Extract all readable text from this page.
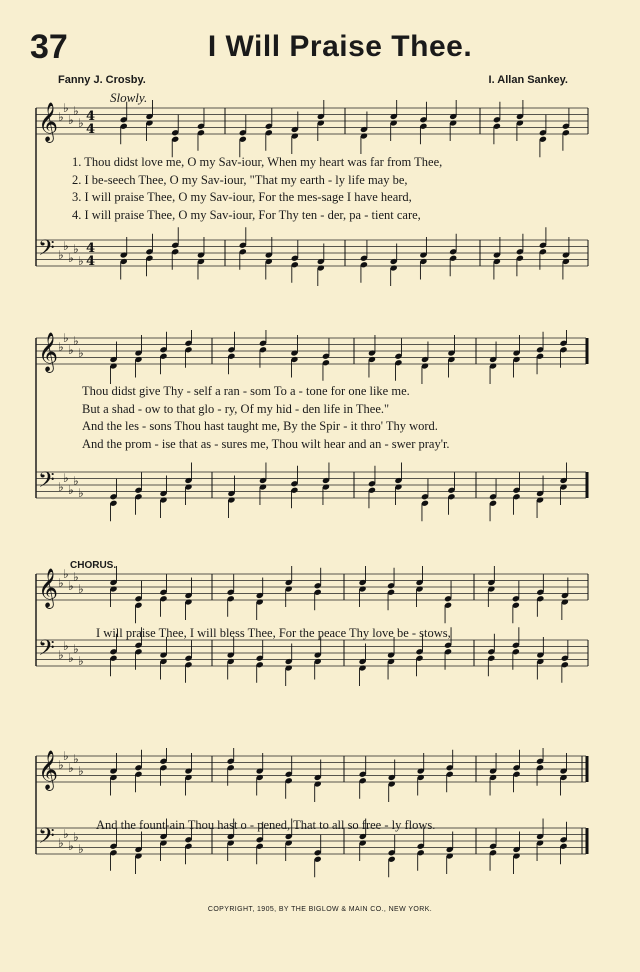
37	I Will Praise Thee.
Fanny J. Crosby.	I. Allan Sankey.
Slowly.
CHORUS.
𝄞 ♭
♭
♭
♭
♭ 4
4
𝄢 ♭
♭
♭
♭
♭
4
4
1. Thou didst love me, O my Sav-iour, When my heart was far from Thee,
2. I be-seech Thee, O my Sav-iour, "That my earth - ly life may be,
3. I will praise Thee, O my Sav-iour, For the mes-sage I have heard,
4. I will praise Thee, O my Sav-iour, For Thy ten - der, pa - tient care,
𝄞 ♭
♭
♭
♭
♭
𝄢 ♭
♭
♭
♭
♭
Thou didst give Thy - self a ran - som To a - tone for one like me.
But a shad - ow to that glo - ry, Of my hid - den life in Thee."
And the les - sons Thou hast taught me, By the Spir - it thro' Thy word.
And the prom - ise that as - sures me, Thou wilt hear and an - swer pray'r.
𝄞 ♭
♭
♭
♭
♭
𝄢 ♭
♭
♭
♭
♭
I will praise Thee, I will bless Thee, For the peace Thy love be - stows,
𝄞 ♭
♭
♭
♭
♭
𝄢 ♭
♭
♭
♭
♭
And the fount-ain Thou hast o - pened, That to all so free - ly flows.
COPYRIGHT, 1905, BY THE BIGLOW & MAIN CO., NEW YORK.
